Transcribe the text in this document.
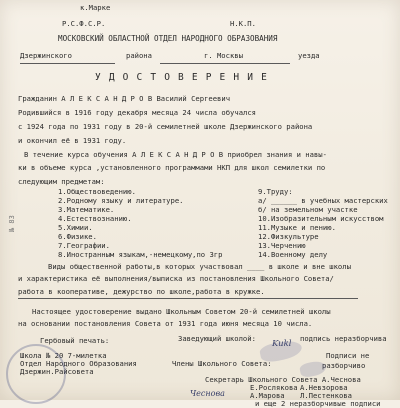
к.Марке
Р.С.Ф.С.Р.	Н.К.П.
МОСКОВСКИЙ ОБЛАСТНОЙ ОТДЕЛ НАРОДНОГО ОБРАЗОВАНИЯ
Дзержинского	района	г. Москвы	уезда
У Д О С Т О В Е Р Е Н И Е
Гражданин А Л Е К С А Н Д Р О В Василий Сергеевич
Родившийся в 1916 году декабря месяца 24 числа обучался
с 1924 года по 1931 году в 20-й семилетней школе Дзержинского района
и окончил её в 1931 году.
В течение курса обучения А Л Е К С А Н Д Р О В приобрел знания и навы-
ки в объеме курса ,установленного программами НКП для школ семилетки по
следующим предметам:
1.Обществоведению.
2.Родному языку и литературе.
3.Математике.
4.Естествознанию.
5.Химии.
6.Физике.
7.Географии.
8.Иностранным языкам,-немецкому,по 3гр
9.Труду:
а/ ______ в учебных мастерских
б/ на земельном участке
10.Изобразительным искусством
11.Музыке и пению.
12.Физкультуре
13.Черчению
14.Военному делу
№ 83
Виды общественной работы,в которых участвовал ____ в школе и вне школы
и характеристика её выполнения/выписка из постановления Школьного Совета/
работа в кооперативе, дежурство по школе,работа в кружке.
Настоящее удостоверение выдано Школьным Советом 20-й семилетней школы
на основании постановления Совета от 1931 года июня месяца 10 числа.
Гербовый печать:	Заведующий школой:	подпись неразборчива
Школа № 20 7-милетка
Отдел Народного Образования
Дзержин.Райсовета
Члены Школьного Совета:
Подписи не
разборчиво
Секретарь Школьного Совета А.Чеснова
Е.Рослякова
А.Марова
А.Невзорова
Л.Пестенкова
и еще 2 неразборчивые подписи
Kukl
Чеснова
